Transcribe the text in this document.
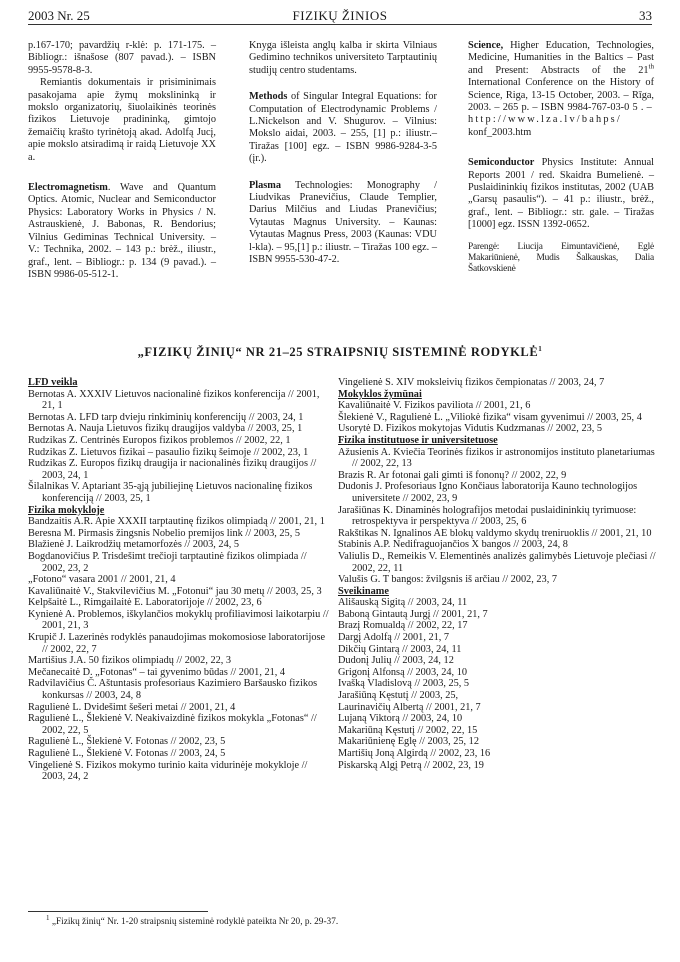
2003 Nr. 25	FIZIKŲ ŽINIOS	33

p.167-170; pavardžių r-klė: p. 171-175. – Bibliogr.: išnašose (807 pavad.). – ISBN 9955-9578-8-3.

Remiantis dokumentais ir prisiminimais pasakojama apie žymų mokslininką ir mokslo organizatorių, šiuolaikinės teorinės fizikos Lietuvoje pradininką, gimtojo žemaičių krašto tyrinėtoją akad. Adolfą Jucį, apie mokslo atsiradimą ir raidą Lietuvoje XX a.

Electromagnetism. Wave and Quantum Optics. Atomic, Nuclear and Semiconductor Physics: Laboratory Works in Physics / N. Astrauskienė, J. Babonas, R. Bendorius; Vilnius Gediminas Technical University. – V.: Technika, 2002. – 143 p.: brėž., iliustr., graf., lent. – Bibliogr.: p. 134 (9 pavad.). – ISBN 9986-05-512-1.

Knyga išleista anglų kalba ir skirta Vilniaus Gedimino technikos universiteto Tarptautinių studijų centro studentams.

Methods of Singular Integral Equations: for Computation of Electrodynamic Problems / L.Nickelson and V. Shugurov. – Vilnius: Mokslo aidai, 2003. – 255, [1] p.: iliustr.– Tiražas [100] egz. – ISBN 9986-9284-3-5 (įr.).

Plasma Technologies: Monography / Liudvikas Pranevičius, Claude Templier, Darius Milčius and Liudas Pranevičius; Vytautas Magnus University. – Kaunas: Vytautas Magnus Press, 2003 (Kaunas: VDU l-kla). – 95,[1] p.: iliustr. – Tiražas 100 egz. – ISBN 9955-530-47-2.

Science, Higher Education, Technologies, Medicine, Humanities in the Baltics – Past and Present: Abstracts of the 21th International Conference on the History of Science, Riga, 13-15 October, 2003. – Rīga, 2003. – 265 p. – ISBN 9984-767-03-0 5 . – http://www.lza.lv/bahps/ konf_2003.htm

Semiconductor Physics Institute: Annual Reports 2001 / red. Skaidra Bumelienė. – Puslaidininkių fizikos institutas, 2002 (UAB „Garsų pasaulis“). – 41 p.: iliustr., brėž., graf., lent. – Bibliogr.: str. gale. – Tiražas [1000] egz. ISSN 1392-0652.

Parengė: Liucija Eimuntavičienė, Eglė Makariūnienė, Mudis Šalkauskas, Dalia Šatkovskienė

„FIZIKŲ ŽINIŲ“ NR 21–25 STRAIPSNIŲ SISTEMINĖ RODYKLĖ$^1$
LFD veikla
Bernotas A. XXXIV Lietuvos nacionalinė fizikos konferencija // 2001, 21, 1
Bernotas A. LFD tarp dvieju rinkiminių konferencijų // 2003, 24, 1
Bernotas A. Nauja Lietuvos fizikų draugijos valdyba // 2003, 25, 1
Rudzikas Z. Centrinės Europos fizikos problemos // 2002, 22, 1
Rudzikas Z. Lietuvos fizikai – pasaulio fizikų šeimoje // 2002, 23, 1
Rudzikas Z. Europos fizikų draugija ir nacionalinės fizikų draugijos // 2003, 24, 1
Šilalnikas V. Aptariant 35-ąją jubiliejinę Lietuvos nacionalinę fizikos konferenciją // 2003, 25, 1
Fizika mokykloje
Bandzaitis A.R. Apie XXXII tarptautinę fizikos olimpiadą // 2001, 21, 1
Beresna M. Pirmasis žingsnis Nobelio premijos link // 2003, 25, 5
Blažienė J. Laikrodžių metamorfozės // 2003, 24, 5
Bogdanovičius P. Trisdešimt trečioji tarptautinė fizikos olimpiada // 2002, 23, 2
„Fotono“ vasara 2001 // 2001, 21, 4
Kavaliūnaitė V., Stakvilevičius M. „Fotonui“ jau 30 metų // 2003, 25, 3
Kelpšaitė L., Rimgailaitė E. Laboratorijoje // 2002, 23, 6
Kynienė A. Problemos, iškylančios mokyklų profiliavimosi laikotarpiu // 2001, 21, 3
Krupič J. Lazerinės rodyklės panaudojimas mokomosiose laboratorijose // 2002, 22, 7
Martišius J.A. 50 fizikos olimpiadų // 2002, 22, 3
Mečanecaitė D. „Fotonas“ – tai gyvenimo būdas // 2001, 21, 4
Radvilavičius Č. Aštuntasis profesoriaus Kazimiero Baršausko fizikos konkursas // 2003, 24, 8
Ragulienė L. Dvidešimt šešeri metai // 2001, 21, 4
Ragulienė L., Šlekienė V. Neakivaizdinė fizikos mokykla „Fotonas“ // 2002, 22, 5
Ragulienė L., Šlekienė V. Fotonas // 2002, 23, 5
Ragulienė L., Šlekienė V. Fotonas // 2003, 24, 5
Vingelienė S. Fizikos mokymo turinio kaita vidurinėje mokykloje // 2003, 24, 2
Vingelienė S. XIV moksleivių fizikos čempionatas // 2003, 24, 7
Mokyklos žymūnai
Kavaliūnaitė V. Fizikos paviliota // 2001, 21, 6
Šlekienė V., Ragulienė L. „Viliokė fizika“ visam gyvenimui // 2003, 25, 4
Usorytė D. Fizikos mokytojas Vidutis Kudzmanas // 2002, 23, 5
Fizika institutuose ir universitetuose
Ažusienis A. Kviečia Teorinės fizikos ir astronomijos instituto planetariumas // 2002, 22, 13
Brazis R. Ar fotonai gali gimti iš fononų? // 2002, 22, 9
Dudonis J. Profesoriaus Igno Končiaus laboratorija Kauno technologijos universitete // 2002, 23, 9
Jarašiūnas K. Dinaminės holografijos metodai puslaidininkių tyrimuose: retrospektyva ir perspektyva // 2003, 25, 6
Rakštikas N. Ignalinos AE blokų valdymo skydų treniruoklis // 2001, 21, 10
Stabinis A.P. Nedifraguojančios X bangos // 2003, 24, 8
Valiulis D., Remeikis V. Elementinės analizės galimybės Lietuvoje plečiasi // 2002, 22, 11
Valušis G. T bangos: žvilgsnis iš arčiau // 2002, 23, 7
Sveikiname
Ališauską Sigitą // 2003, 24, 11
Baboną Gintautą Jurgį // 2001, 21, 7
Brazį Romualdą // 2002, 22, 17
Dargį Adolfą // 2001, 21, 7
Dikčių Gintarą // 2003, 24, 11
Dudonį Julių // 2003, 24, 12
Grigonį Alfonsą // 2003, 24, 10
Ivašką Vladislovą // 2003, 25, 5
Jarašiūną Kęstutį // 2003, 25,
Laurinavičių Albertą // 2001, 21, 7
Lujaną Viktorą // 2003, 24, 10
Makariūną Kęstutį // 2002, 22, 15
Makariūnienę Eglę // 2003, 25, 12
Martišių Joną Algirdą // 2002, 23, 16
Piskarską Algį Petrą // 2002, 23, 19
$^1$ „Fizikų žinių“ Nr. 1-20 straipsnių sisteminė rodyklė pateikta Nr 20, p. 29-37.
